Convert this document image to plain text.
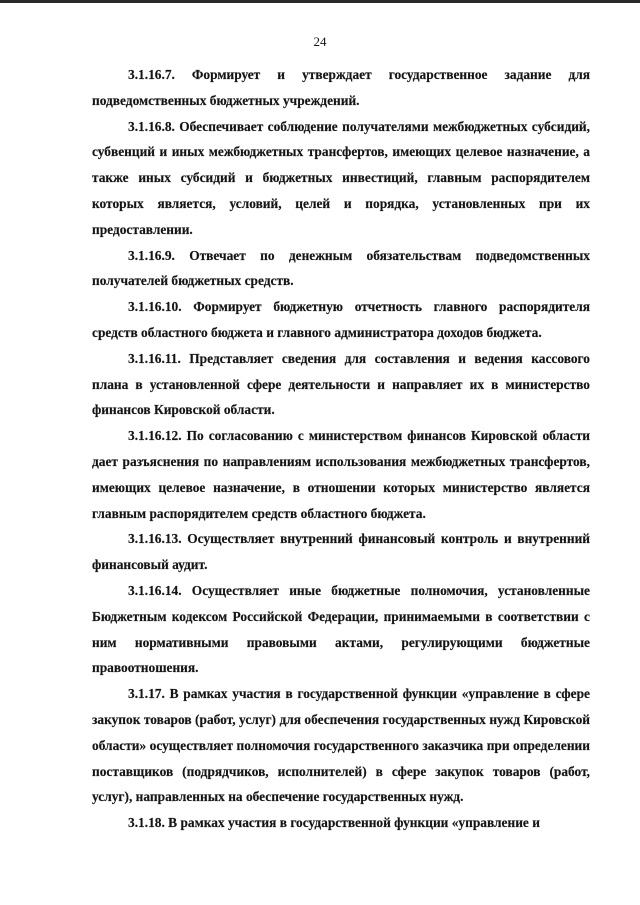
24

3.1.16.7. Формирует и утверждает государственное задание для подведомственных бюджетных учреждений.

3.1.16.8. Обеспечивает соблюдение получателями межбюджетных субсидий, субвенций и иных межбюджетных трансфертов, имеющих целевое назначение, а также иных субсидий и бюджетных инвестиций, главным распорядителем которых является, условий, целей и порядка, установленных при их предоставлении.

3.1.16.9. Отвечает по денежным обязательствам подведомственных получателей бюджетных средств.

3.1.16.10. Формирует бюджетную отчетность главного распорядителя средств областного бюджета и главного администратора доходов бюджета.

3.1.16.11. Представляет сведения для составления и ведения кассового плана в установленной сфере деятельности и направляет их в министерство финансов Кировской области.

3.1.16.12. По согласованию с министерством финансов Кировской области дает разъяснения по направлениям использования межбюджетных трансфертов, имеющих целевое назначение, в отношении которых министерство является главным распорядителем средств областного бюджета.

3.1.16.13. Осуществляет внутренний финансовый контроль и внутренний финансовый аудит.

3.1.16.14. Осуществляет иные бюджетные полномочия, установленные Бюджетным кодексом Российской Федерации, принимаемыми в соответствии с ним нормативными правовыми актами, регулирующими бюджетные правоотношения.

3.1.17. В рамках участия в государственной функции «управление в сфере закупок товаров (работ, услуг) для обеспечения государственных нужд Кировской области» осуществляет полномочия государственного заказчика при определении поставщиков (подрядчиков, исполнителей) в сфере закупок товаров (работ, услуг), направленных на обеспечение государственных нужд.

3.1.18. В рамках участия в государственной функции «управление и
